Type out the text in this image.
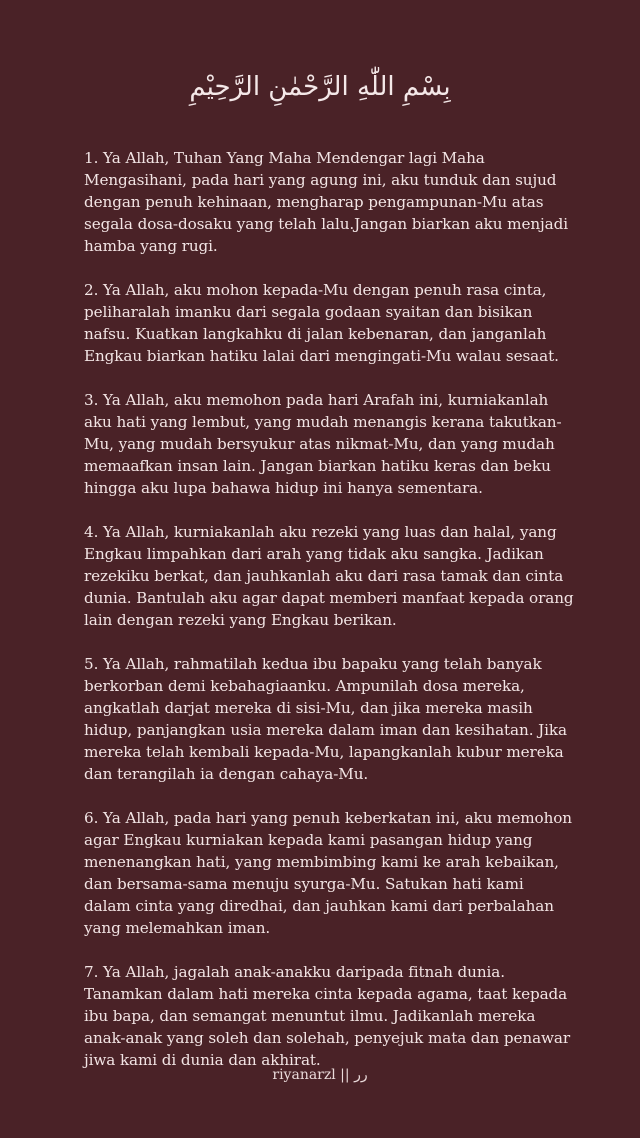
بِسْمِ اللّٰهِ الرَّحْمٰنِ الرَّحِيْمِ

1. Ya Allah, Tuhan Yang Maha Mendengar lagi Maha
Mengasihani, pada hari yang agung ini, aku tunduk dan sujud
dengan penuh kehinaan, mengharap pengampunan-Mu atas
segala dosa-dosaku yang telah lalu.Jangan biarkan aku menjadi
hamba yang rugi.

2. Ya Allah, aku mohon kepada-Mu dengan penuh rasa cinta,
peliharalah imanku dari segala godaan syaitan dan bisikan
nafsu. Kuatkan langkahku di jalan kebenaran, dan janganlah
Engkau biarkan hatiku lalai dari mengingati-Mu walau sesaat.

3. Ya Allah, aku memohon pada hari Arafah ini, kurniakanlah
aku hati yang lembut, yang mudah menangis kerana takutkan-
Mu, yang mudah bersyukur atas nikmat-Mu, dan yang mudah
memaafkan insan lain. Jangan biarkan hatiku keras dan beku
hingga aku lupa bahawa hidup ini hanya sementara.

4. Ya Allah, kurniakanlah aku rezeki yang luas dan halal, yang
Engkau limpahkan dari arah yang tidak aku sangka. Jadikan
rezekiku berkat, dan jauhkanlah aku dari rasa tamak dan cinta
dunia. Bantulah aku agar dapat memberi manfaat kepada orang
lain dengan rezeki yang Engkau berikan.

5. Ya Allah, rahmatilah kedua ibu bapaku yang telah banyak
berkorban demi kebahagiaanku. Ampunilah dosa mereka,
angkatlah darjat mereka di sisi-Mu, dan jika mereka masih
hidup, panjangkan usia mereka dalam iman dan kesihatan. Jika
mereka telah kembali kepada-Mu, lapangkanlah kubur mereka
dan terangilah ia dengan cahaya-Mu.

6. Ya Allah, pada hari yang penuh keberkatan ini, aku memohon
agar Engkau kurniakan kepada kami pasangan hidup yang
menenangkan hati, yang membimbing kami ke arah kebaikan,
dan bersama-sama menuju syurga-Mu. Satukan hati kami
dalam cinta yang diredhai, dan jauhkan kami dari perbalahan
yang melemahkan iman.

7. Ya Allah, jagalah anak-anakku daripada fitnah dunia.
Tanamkan dalam hati mereka cinta kepada agama, taat kepada
ibu bapa, dan semangat menuntut ilmu. Jadikanlah mereka
anak-anak yang soleh dan solehah, penyejuk mata dan penawar
jiwa kami di dunia dan akhirat.

riyanarzl || رر
